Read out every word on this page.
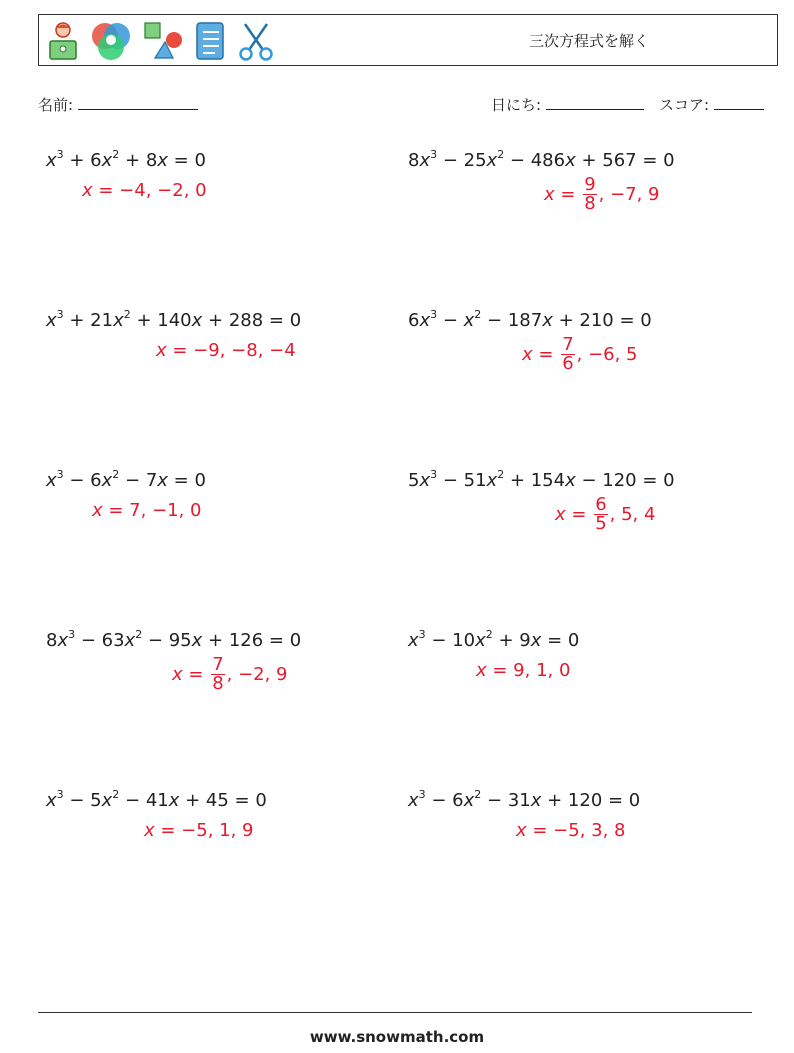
三次方程式を解く
名前:	日にち:	スコア:
$x^3 + 6x^2 + 8x = 0$
x = −4, −2, 0
$x^3 + 21x^2 + 140x + 288 = 0$
x = −9, −8, −4
$x^3 - 6x^2 - 7x = 0$
x = 7, −1, 0
$8x^3 - 63x^2 - 95x + 126 = 0$
$x = \frac{7}{8}$ , −2, 9
$x^3 - 5x^2 - 41x + 45 = 0$
x = −5, 1, 9
$8x^3 - 25x^2 - 486x + 567 = 0$
$x = \frac{9}{8}$ , −7, 9
$6x^3 - x^2 - 187x + 210 = 0$
$x = \frac{7}{6}$ , −6, 5
$5x^3 - 51x^2 + 154x - 120 = 0$
$x = \frac{6}{5}$ , 5, 4
$x^3 - 10x^2 + 9x = 0$
x = 9, 1, 0
$x^3 - 6x^2 - 31x + 120 = 0$
x = −5, 3, 8
www.snowmath.com
